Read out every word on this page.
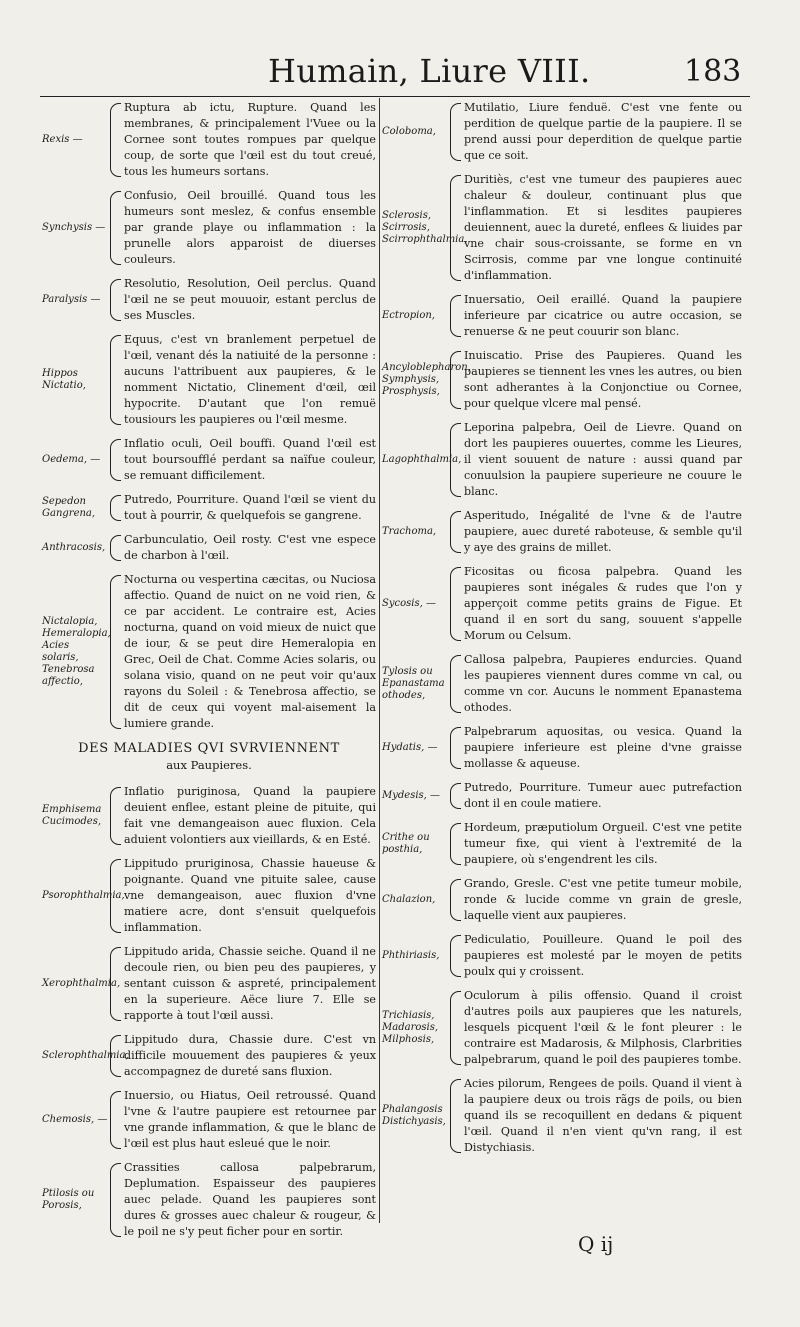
Humain, Liure VIII.	183
Rexis —
Ruptura ab ictu, Rupture. Quand les membranes, & principalement l'Vuee ou la Cornee sont toutes rompues par quelque coup, de sorte que l'œil est du tout creué, tous les humeurs sortans.
Synchysis —
Confusio, Oeil brouillé. Quand tous les humeurs sont meslez, & confus ensemble par grande playe ou inflammation : la prunelle alors apparoist de diuerses couleurs.
Paralysis —
Resolutio, Resolution, Oeil perclus. Quand l'œil ne se peut mouuoir, estant perclus de ses Muscles.
Hippos Nictatio,
Equus, c'est vn branlement perpetuel de l'œil, venant dés la natiuité de la personne : aucuns l'attribuent aux paupieres, & le nomment Nictatio, Clinement d'œil, œil hypocrite. D'autant que l'on remuë tousiours les paupieres ou l'œil mesme.
Oedema, —
Inflatio oculi, Oeil bouffi. Quand l'œil est tout boursoufflé perdant sa naïfue couleur, se remuant difficilement.
Sepedon Gangrena,
Putredo, Pourriture. Quand l'œil se vient du tout à pourrir, & quelquefois se gangrene.
Anthracosis,
Carbunculatio, Oeil rosty. C'est vne espece de charbon à l'œil.
Nictalopia, Hemeralopia, Acies solaris, Tenebrosa affectio,
Nocturna ou vespertina cæcitas, ou Nuciosa affectio. Quand de nuict on ne void rien, & ce par accident. Le contraire est, Acies nocturna, quand on void mieux de nuict que de iour, & se peut dire Hemeralopia en Grec, Oeil de Chat. Comme Acies solaris, ou solana visio, quand on ne peut voir qu'aux rayons du Soleil : & Tenebrosa affectio, se dit de ceux qui voyent mal-aisement la lumiere grande.
DES MALADIES QVI SVRVIENNENT
aux Paupieres.
Emphisema Cucimodes,
Inflatio puriginosa, Quand la paupiere deuient enflee, estant pleine de pituite, qui fait vne demangeaison auec fluxion. Cela aduient volontiers aux vieillards, & en Esté.
Psorophthalmia,
Lippitudo pruriginosa, Chassie haueuse & poignante. Quand vne pituite salee, cause vne demangeaison, auec fluxion d'vne matiere acre, dont s'ensuit quelquefois inflammation.
Xerophthalmia,
Lippitudo arida, Chassie seiche. Quand il ne decoule rien, ou bien peu des paupieres, y sentant cuisson & aspreté, principalement en la superieure. Aëce liure 7. Elle se rapporte à tout l'œil aussi.
Sclerophthalmia,
Lippitudo dura, Chassie dure. C'est vn difficile mouuement des paupieres & yeux accompagnez de dureté sans fluxion.
Chemosis, —
Inuersio, ou Hiatus, Oeil retroussé. Quand l'vne & l'autre paupiere est retournee par vne grande inflammation, & que le blanc de l'œil est plus haut esleué que le noir.
Ptilosis ou Porosis,
Crassities callosa palpebrarum, Deplumation. Espaisseur des paupieres auec pelade. Quand les paupieres sont dures & grosses auec chaleur & rougeur, & le poil ne s'y peut ficher pour en sortir.
Coloboma,
Mutilatio, Liure fenduë. C'est vne fente ou perdition de quelque partie de la paupiere. Il se prend aussi pour deperdition de quelque partie que ce soit.
Sclerosis, Scirrosis, Scirrophthalmia,
Duritiès, c'est vne tumeur des paupieres auec chaleur & douleur, continuant plus que l'inflammation. Et si lesdites paupieres deuiennent, auec la dureté, enflees & liuides par vne chair sous-croissante, se forme en vn Scirrosis, comme par vne longue continuité d'inflammation.
Ectropion,
Inuersatio, Oeil eraillé. Quand la paupiere inferieure par cicatrice ou autre occasion, se renuerse & ne peut couurir son blanc.
Ancyloblepharon, Symphysis, Prosphysis,
Inuiscatio. Prise des Paupieres. Quand les paupieres se tiennent les vnes les autres, ou bien sont adherantes à la Conjonctiue ou Cornee, pour quelque vlcere mal pensé.
Lagophthalmia,
Leporina palpebra, Oeil de Lievre. Quand on dort les paupieres ouuertes, comme les Lieures, il vient souuent de nature : aussi quand par conuulsion la paupiere superieure ne couure le blanc.
Trachoma,
Asperitudo, Inégalité de l'vne & de l'autre paupiere, auec dureté raboteuse, & semble qu'il y aye des grains de millet.
Sycosis, —
Ficositas ou ficosa palpebra. Quand les paupieres sont inégales & rudes que l'on y apperçoit comme petits grains de Figue. Et quand il en sort du sang, souuent s'appelle Morum ou Celsum.
Tylosis ou Epanastama othodes,
Callosa palpebra, Paupieres endurcies. Quand les paupieres viennent dures comme vn cal, ou comme vn cor. Aucuns le nomment Epanastema othodes.
Hydatis, —
Palpebrarum aquositas, ou vesica. Quand la paupiere inferieure est pleine d'vne graisse mollasse & aqueuse.
Mydesis, —
Putredo, Pourriture. Tumeur auec putrefaction dont il en coule matiere.
Crithe ou posthia,
Hordeum, præputiolum Orgueil. C'est vne petite tumeur fixe, qui vient à l'extremité de la paupiere, où s'engendrent les cils.
Chalazion,
Grando, Gresle. C'est vne petite tumeur mobile, ronde & lucide comme vn grain de gresle, laquelle vient aux paupieres.
Phthiriasis,
Pediculatio, Pouilleure. Quand le poil des paupieres est molesté par le moyen de petits poulx qui y croissent.
Trichiasis, Madarosis, Milphosis,
Oculorum à pilis offensio. Quand il croist d'autres poils aux paupieres que les naturels, lesquels picquent l'œil & le font pleurer : le contraire est Madarosis, & Milphosis, Clarbrities palpebrarum, quand le poil des paupieres tombe.
Phalangosis Distichyasis,
Acies pilorum, Rengees de poils. Quand il vient à la paupiere deux ou trois rãgs de poils, ou bien quand ils se recoquillent en dedans & piquent l'œil. Quand il n'en vient qu'vn rang, il est Distychiasis.
Q ij
